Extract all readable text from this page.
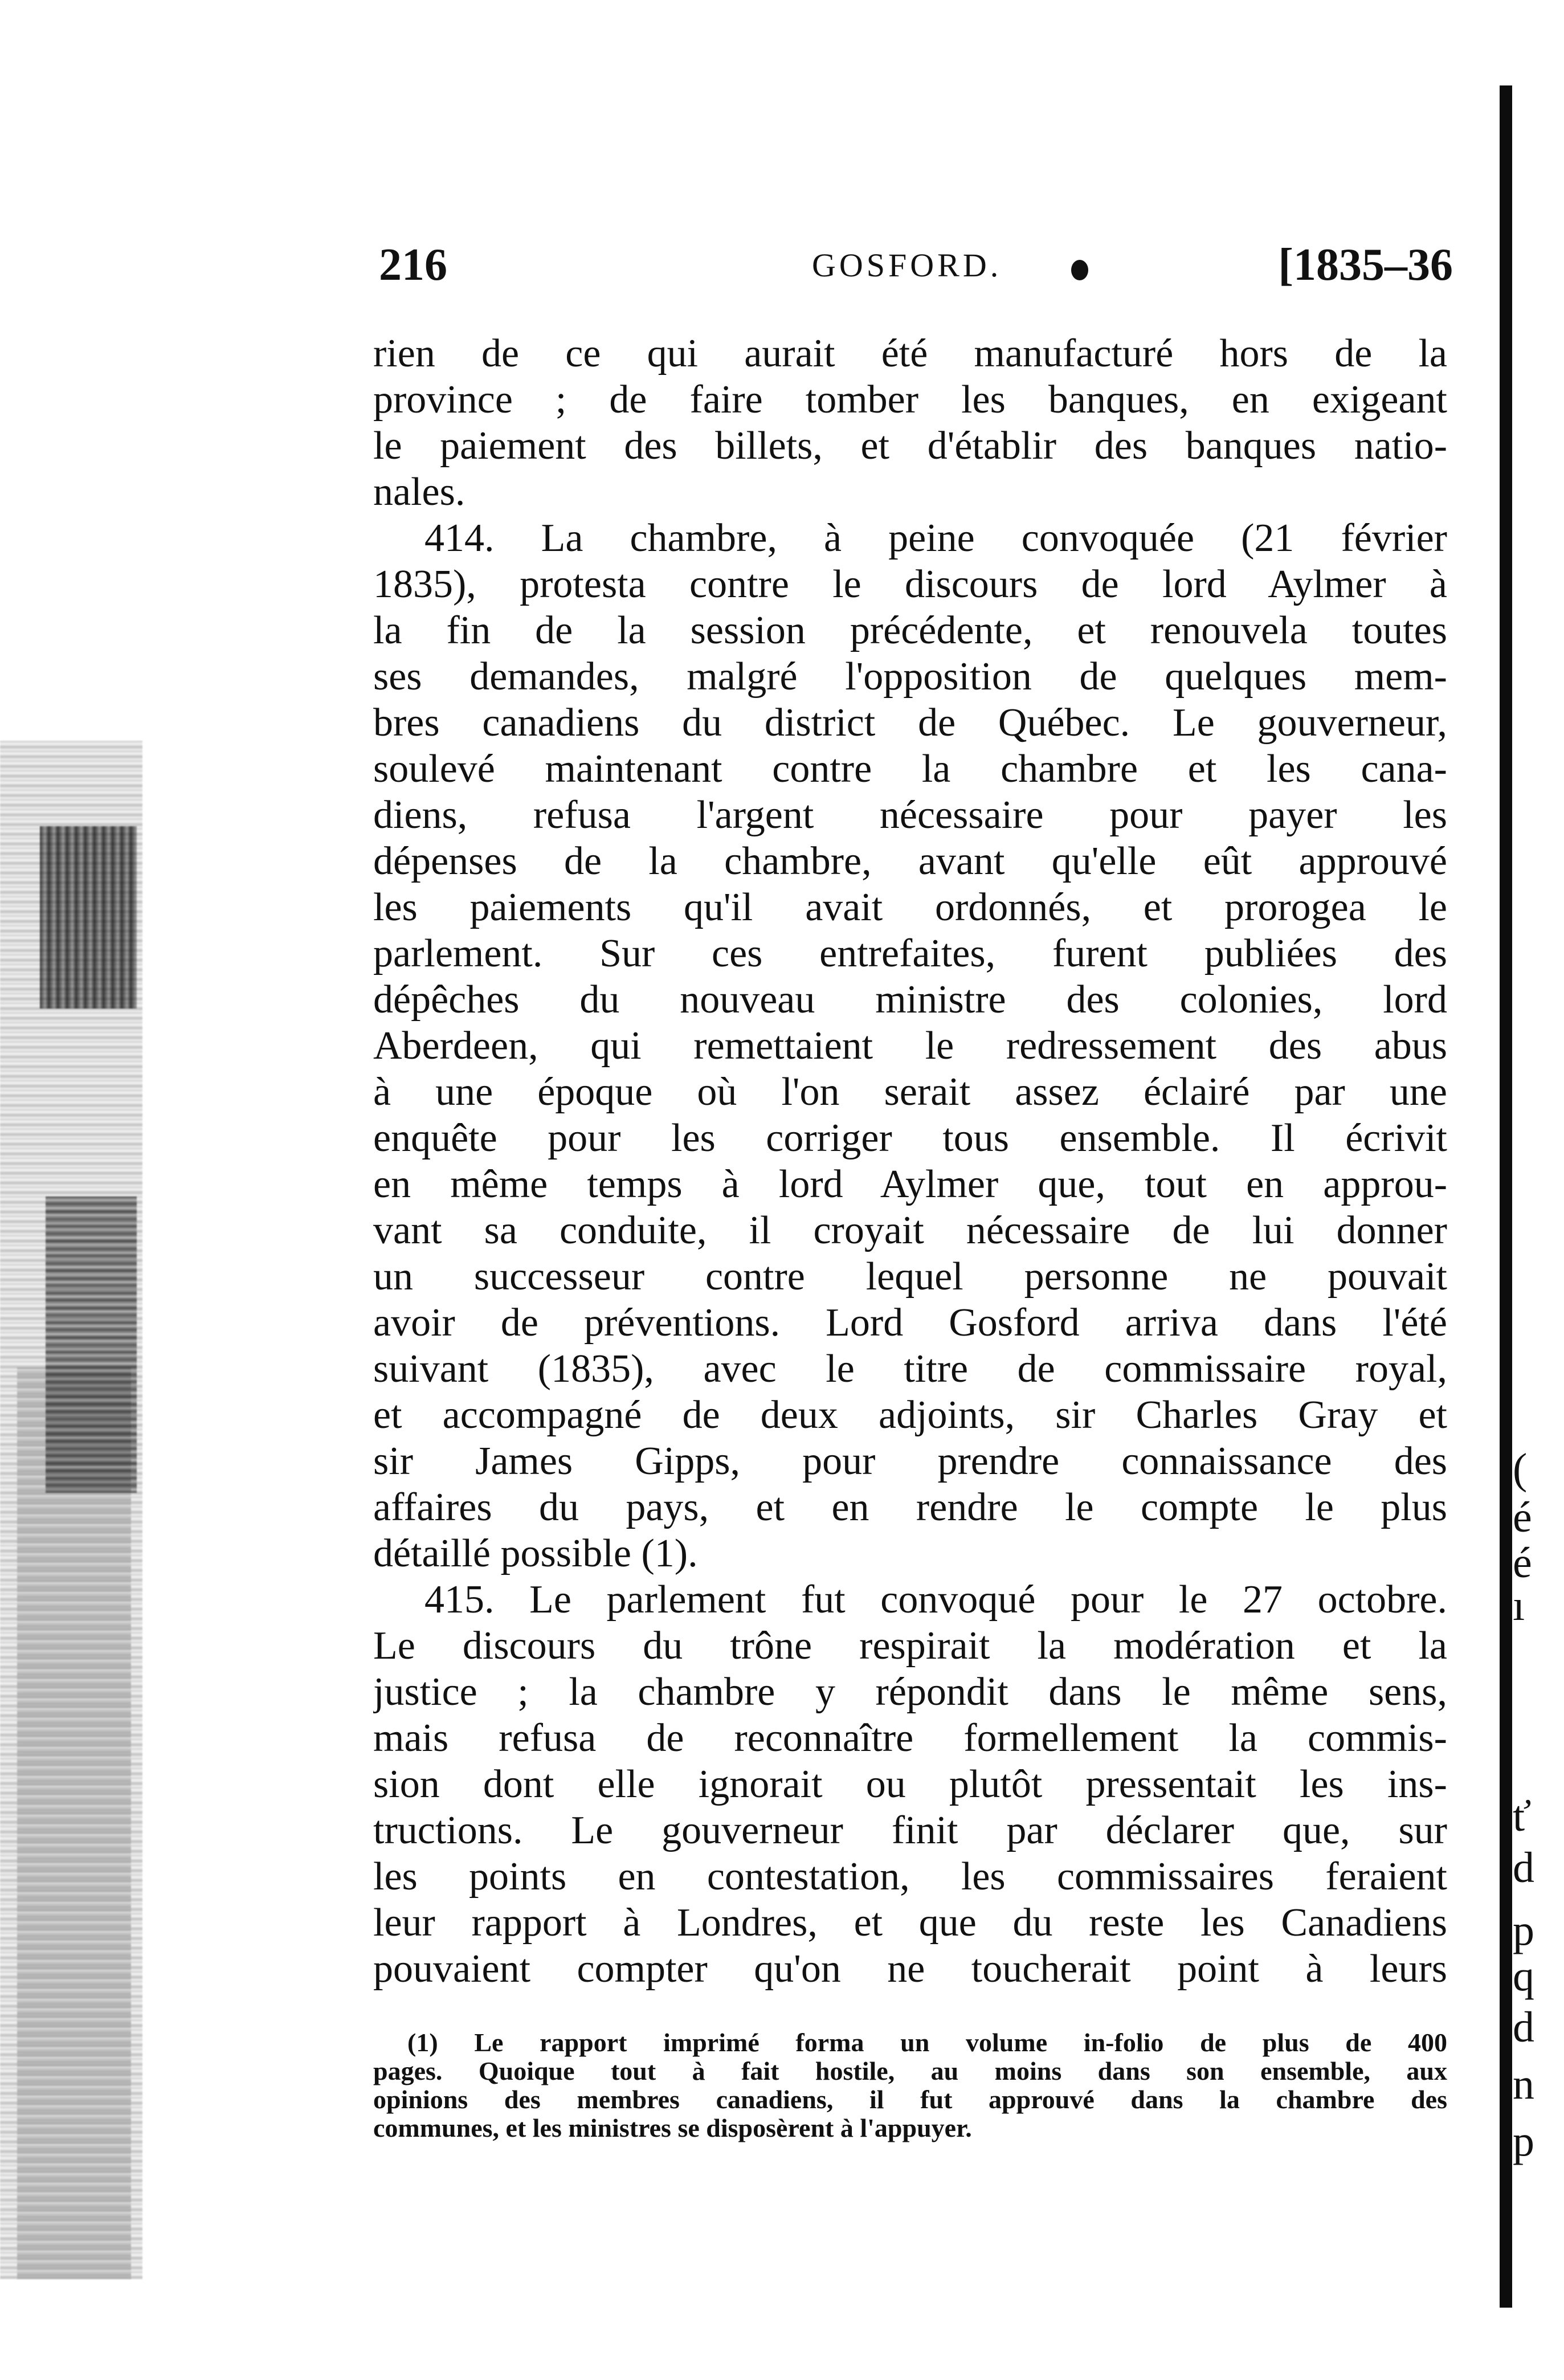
216	GOSFORD.	[1835–36
rien de ce qui aurait été manufacturé hors de la
province ; de faire tomber les banques, en exigeant
le paiement des billets, et d'établir des banques natio-
nales.
414. La chambre, à peine convoquée (21 février
1835), protesta contre le discours de lord Aylmer à
la fin de la session précédente, et renouvela toutes
ses demandes, malgré l'opposition de quelques mem-
bres canadiens du district de Québec. Le gouverneur,
soulevé maintenant contre la chambre et les cana-
diens, refusa l'argent nécessaire pour payer les
dépenses de la chambre, avant qu'elle eût approuvé
les paiements qu'il avait ordonnés, et prorogea le
parlement. Sur ces entrefaites, furent publiées des
dépêches du nouveau ministre des colonies, lord
Aberdeen, qui remettaient le redressement des abus
à une époque où l'on serait assez éclairé par une
enquête pour les corriger tous ensemble. Il écrivit
en même temps à lord Aylmer que, tout en approu-
vant sa conduite, il croyait nécessaire de lui donner
un successeur contre lequel personne ne pouvait
avoir de préventions. Lord Gosford arriva dans l'été
suivant (1835), avec le titre de commissaire royal,
et accompagné de deux adjoints, sir Charles Gray et
sir James Gipps, pour prendre connaissance des
affaires du pays, et en rendre le compte le plus
détaillé possible (1).
415. Le parlement fut convoqué pour le 27 octobre.
Le discours du trône respirait la modération et la
justice ; la chambre y répondit dans le même sens,
mais refusa de reconnaître formellement la commis-
sion dont elle ignorait ou plutôt pressentait les ins-
tructions. Le gouverneur finit par déclarer que, sur
les points en contestation, les commissaires feraient
leur rapport à Londres, et que du reste les Canadiens
pouvaient compter qu'on ne toucherait point à leurs
(1) Le rapport imprimé forma un volume in-folio de plus de 400
pages. Quoique tout à fait hostile, au moins dans son ensemble, aux
opinions des membres canadiens, il fut approuvé dans la chambre des
communes, et les ministres se disposèrent à l'appuyer.
(
é
é
ı
ť
d
p
q
d
n
p
